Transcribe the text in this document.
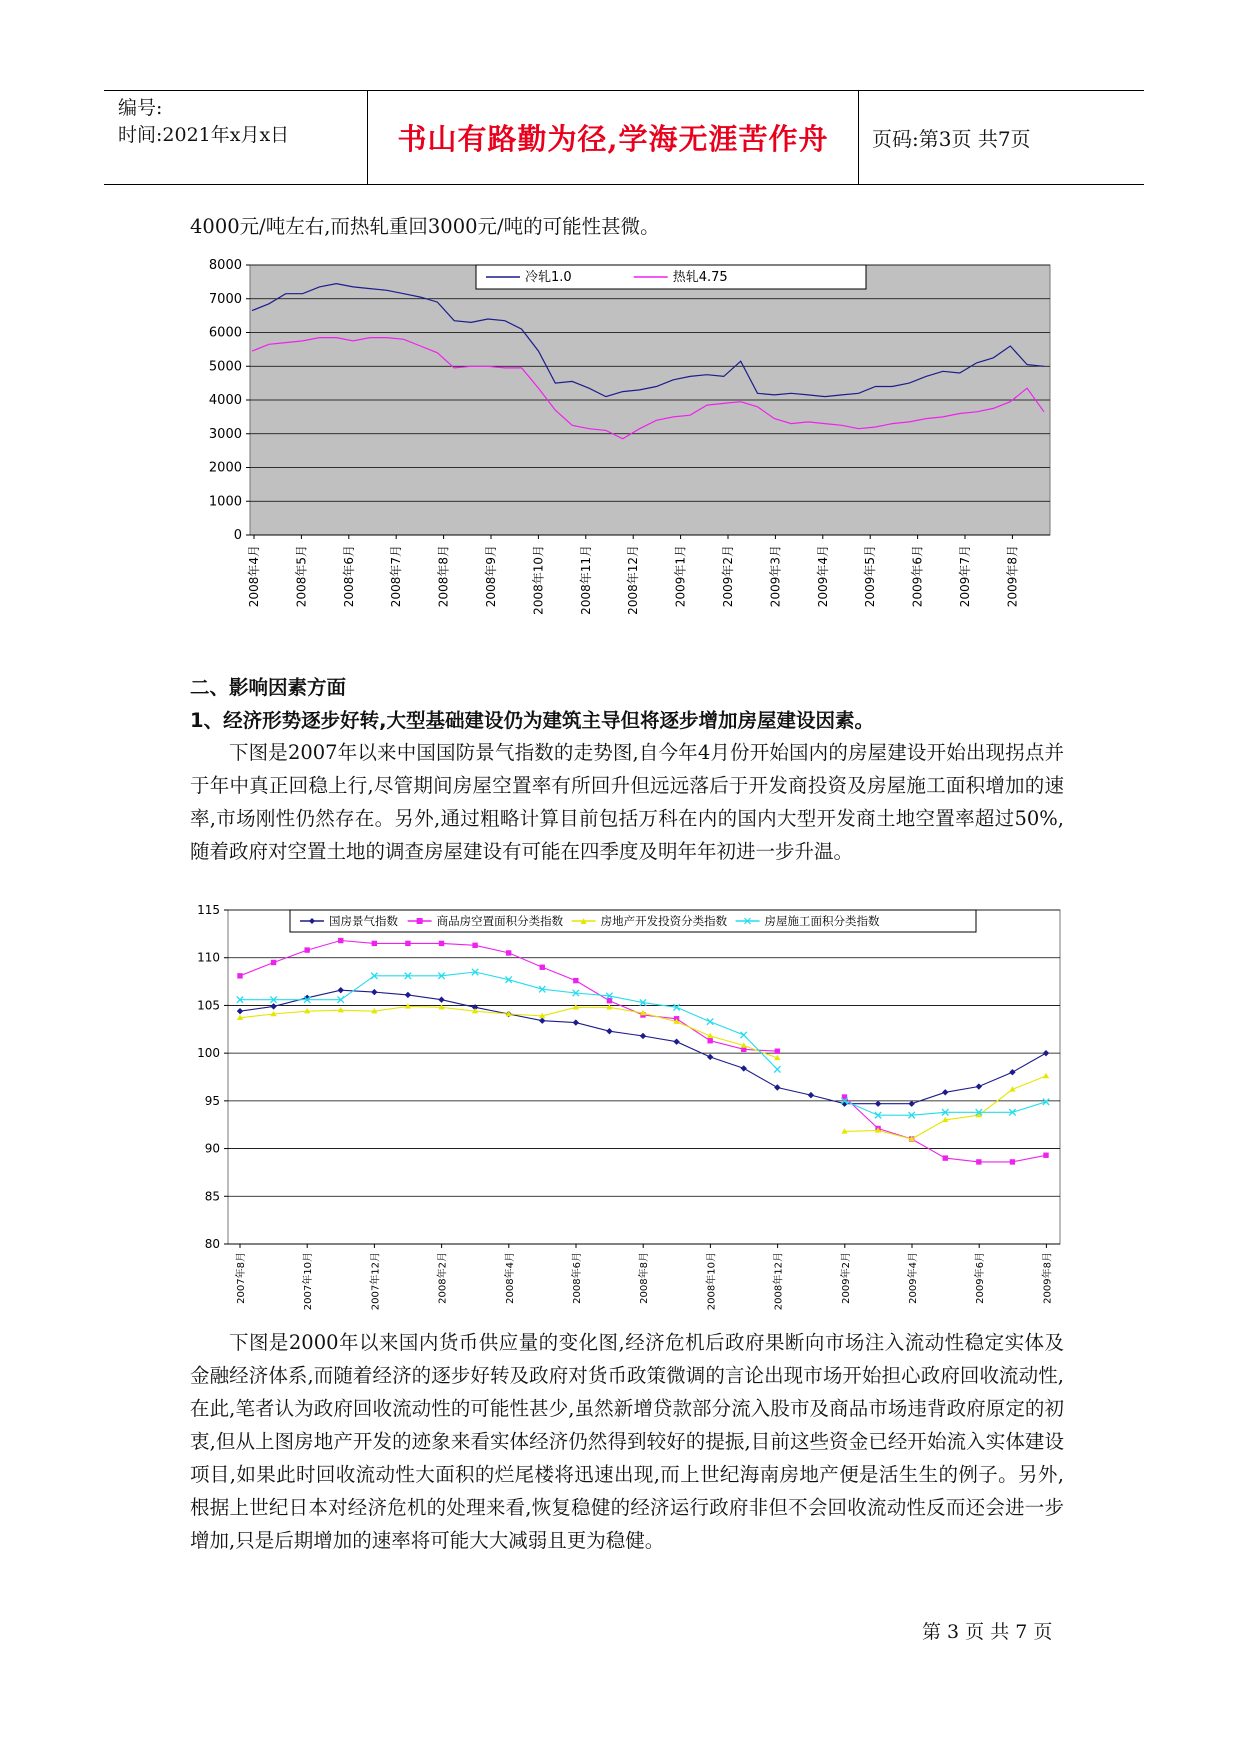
编号:
时间:2021年x月x日	书山有路勤为径,学海无涯苦作舟	页码:第3页 共7页
4000元/吨左右,而热轧重回3000元/吨的可能性甚微。
0
1000
2000
3000
4000
5000
6000
7000
8000
2008年4月	2008年5月	2008年6月	2008年7月	2008年8月	2008年9月	2008年10月	2008年11月	2008年12月	2009年1月	2009年2月	2009年3月	2009年4月	2009年5月	2009年6月	2009年7月	2009年8月
冷轧1.0	热轧4.75
二、影响因素方面
1、经济形势逐步好转,大型基础建设仍为建筑主导但将逐步增加房屋建设因素。

下图是2007年以来中国国防景气指数的走势图,自今年4月份开始国内的房屋建设开始出现拐点并于年中真正回稳上行,尽管期间房屋空置率有所回升但远远落后于开发商投资及房屋施工面积增加的速率,市场刚性仍然存在。另外,通过粗略计算目前包括万科在内的国内大型开发商土地空置率超过50%,随着政府对空置土地的调查房屋建设有可能在四季度及明年年初进一步升温。

80
85
90
95
100
105
110
115
2007年8月	2007年10月	2007年12月	2008年2月	2008年4月	2008年6月	2008年8月	2008年10月	2008年12月	2009年2月	2009年4月	2009年6月	2009年8月
国房景气指数	商品房空置面积分类指数	房地产开发投资分类指数	房屋施工面积分类指数

下图是2000年以来国内货币供应量的变化图,经济危机后政府果断向市场注入流动性稳定实体及金融经济体系,而随着经济的逐步好转及政府对货币政策微调的言论出现市场开始担心政府回收流动性,在此,笔者认为政府回收流动性的可能性甚少,虽然新增贷款部分流入股市及商品市场违背政府原定的初衷,但从上图房地产开发的迹象来看实体经济仍然得到较好的提振,目前这些资金已经开始流入实体建设项目,如果此时回收流动性大面积的烂尾楼将迅速出现,而上世纪海南房地产便是活生生的例子。另外,根据上世纪日本对经济危机的处理来看,恢复稳健的经济运行政府非但不会回收流动性反而还会进一步增加,只是后期增加的速率将可能大大减弱且更为稳健。

第 3 页 共 7 页
